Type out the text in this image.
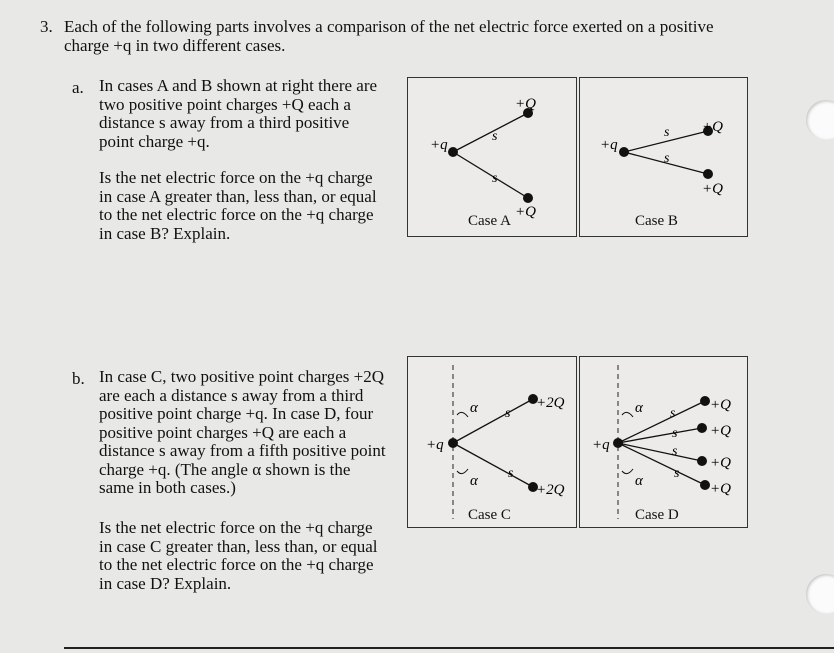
3. Each of the following parts involves a comparison of the net electric force exerted on a positive
charge +q in two different cases.
a. In cases A and B shown at right there are
two positive point charges +Q each a
distance s away from a third positive
point charge +q.
Is the net electric force on the +q charge
in case A greater than, less than, or equal
to the net electric force on the +q charge
in case B? Explain.
b. In case C, two positive point charges +2Q
are each a distance s away from a third
positive point charge +q. In case D, four
positive point charges +Q are each a
distance s away from a fifth positive point
charge +q. (The angle α shown is the
same in both cases.)
Is the net electric force on the +q charge
in case C greater than, less than, or equal
to the net electric force on the +q charge
in case D? Explain.
+q
+Q
+Q
s
s
Case A
+q
+Q
+Q
s
s
Case B
+q
+2Q
+2Q
s
s
α
α
Case C
+q
+Q
+Q
+Q
+Q
s
s
s
s
α
α
Case D
